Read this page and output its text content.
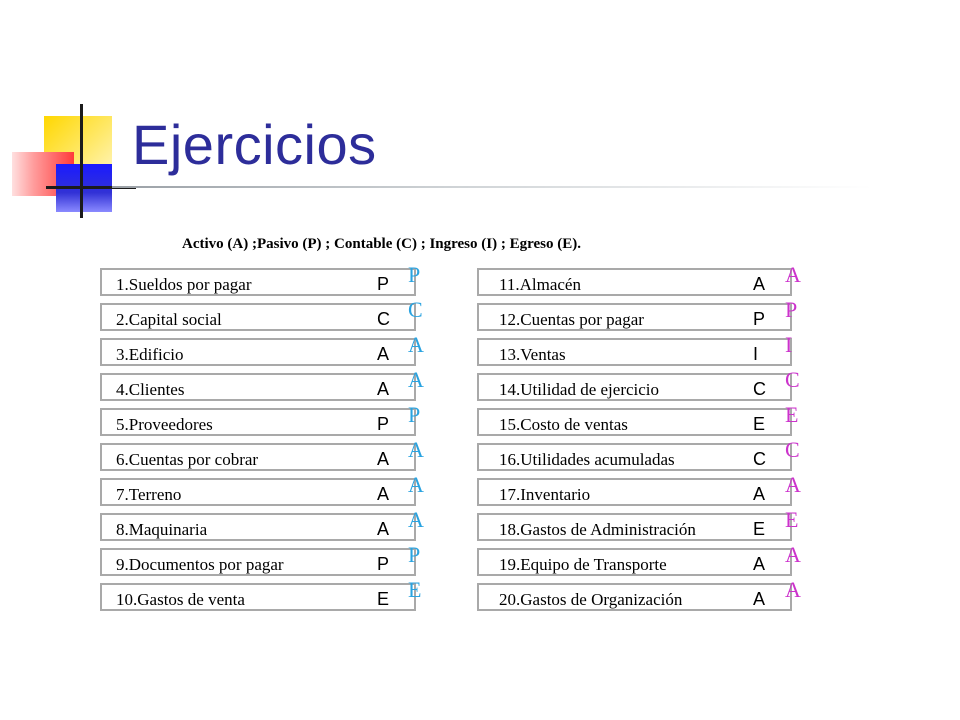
Ejercicios
Activo (A) ;Pasivo (P) ; Contable (C) ; Ingreso (I) ; Egreso (E).
1.Sueldos por pagar	P P
2.Capital social	C C
3.Edificio	A A
4.Clientes	A A
5.Proveedores	P P
6.Cuentas por cobrar	A A
7.Terreno	A A
8.Maquinaria	A A
9.Documentos por pagar	P P
10.Gastos de venta	E E
11.Almacén	A A
12.Cuentas por pagar	P P
13.Ventas	I I
14.Utilidad de ejercicio	C C
15.Costo de ventas	E E
16.Utilidades acumuladas	C C
17.Inventario	A A
18.Gastos de Administración	E E
19.Equipo de Transporte	A A
20.Gastos de Organización	A A
